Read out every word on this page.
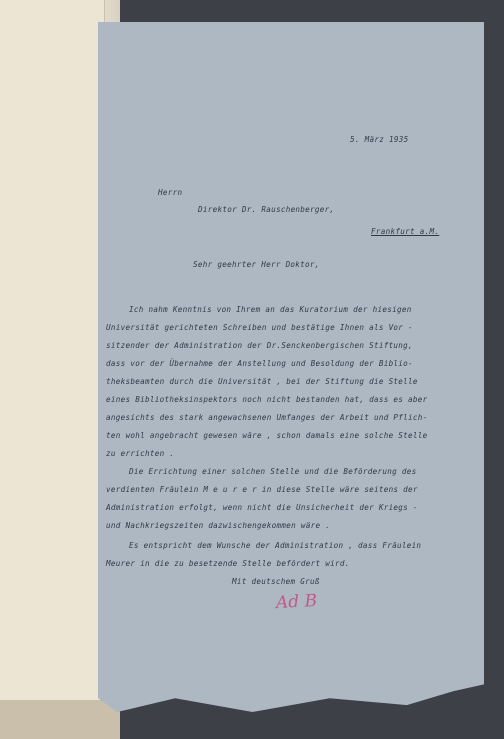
5. März 1935
Herrn
Direktor Dr. Rauschenberger,
Frankfurt a.M.
Sehr geehrter Herr Doktor,
Ich nahm Kenntnis von Ihrem an das Kuratorium der hiesigen
Universität gerichteten Schreiben und bestätige Ihnen als Vor -
sitzender der Administration der Dr.Senckenbergischen Stiftung,
dass vor der Übernahme der Anstellung und Besoldung der Biblio-
theksbeamten durch die Universität , bei der Stiftung die Stelle
eines Bibliotheksinspektors noch nicht bestanden hat, dass es aber
angesichts des stark angewachsenen Umfanges der Arbeit und Pflich-
ten wohl angebracht gewesen wäre , schon damals eine solche Stelle
zu errichten .
Die Errichtung einer solchen Stelle und die Beförderung des
verdienten Fräulein M e u r e r in diese Stelle wäre seitens der
Administration erfolgt, wenn nicht die Unsicherheit der Kriegs -
und Nachkriegszeiten dazwischengekommen wäre .
Es entspricht dem Wunsche der Administration , dass Fräulein
Meurer in die zu besetzende Stelle befördert wird.
Mit deutschem Gruß
Ad B
